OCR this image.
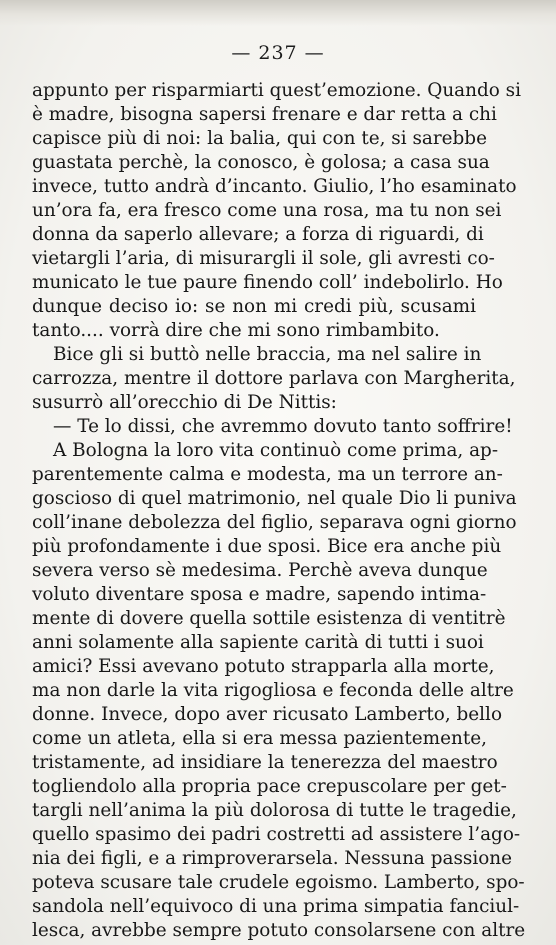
— 237 —
appunto per risparmiarti quest’emozione. Quando si
è madre, bisogna sapersi frenare e dar retta a chi
capisce più di noi: la balia, qui con te, si sarebbe
guastata perchè, la conosco, è golosa; a casa sua
invece, tutto andrà d’incanto. Giulio, l’ho esaminato
un’ora fa, era fresco come una rosa, ma tu non sei
donna da saperlo allevare; a forza di riguardi, di
vietargli l’aria, di misurargli il sole, gli avresti co-
municato le tue paure finendo coll’ indebolirlo. Ho
dunque deciso io: se non mi credi più, scusami
tanto.... vorrà dire che mi sono rimbambito.
Bice gli si buttò nelle braccia, ma nel salire in
carrozza, mentre il dottore parlava con Margherita,
susurrò all’orecchio di De Nittis:
— Te lo dissi, che avremmo dovuto tanto soffrire!
A Bologna la loro vita continuò come prima, ap-
parentemente calma e modesta, ma un terrore an-
goscioso di quel matrimonio, nel quale Dio li puniva
coll’inane debolezza del figlio, separava ogni giorno
più profondamente i due sposi. Bice era anche più
severa verso sè medesima. Perchè aveva dunque
voluto diventare sposa e madre, sapendo intima-
mente di dovere quella sottile esistenza di ventitrè
anni solamente alla sapiente carità di tutti i suoi
amici? Essi avevano potuto strapparla alla morte,
ma non darle la vita rigogliosa e feconda delle altre
donne. Invece, dopo aver ricusato Lamberto, bello
come un atleta, ella si era messa pazientemente,
tristamente, ad insidiare la tenerezza del maestro
togliendolo alla propria pace crepuscolare per get-
targli nell’anima la più dolorosa di tutte le tragedie,
quello spasimo dei padri costretti ad assistere l’ago-
nia dei figli, e a rimproverarsela. Nessuna passione
poteva scusare tale crudele egoismo. Lamberto, spo-
sandola nell’equivoco di una prima simpatia fanciul-
lesca, avrebbe sempre potuto consolarsene con altre
